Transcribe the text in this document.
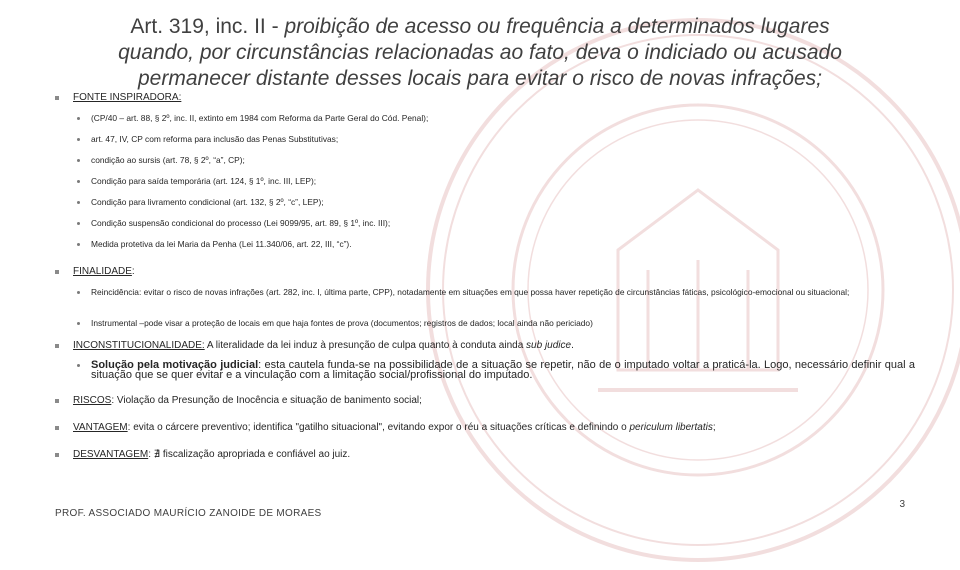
Art. 319, inc. II - proibição de acesso ou frequência a determinados lugares
quando, por circunstâncias relacionadas ao fato, deva o indiciado ou acusado
permanecer distante desses locais para evitar o risco de novas infrações;
FONTE INSPIRADORA:
(CP/40 – art. 88, § 2º, inc. II, extinto em 1984 com Reforma da Parte Geral do Cód. Penal);
art. 47, IV, CP com reforma para inclusão das Penas Substitutivas;
condição ao sursis (art. 78, § 2º, “a”, CP);
Condição para saída temporária (art. 124, § 1º, inc. III, LEP);
Condição para livramento condicional (art. 132, § 2º, “c”, LEP);
Condição suspensão condicional do processo (Lei 9099/95, art. 89, § 1º, inc. III);
Medida protetiva da lei Maria da Penha (Lei 11.340/06, art. 22, III, “c”).
FINALIDADE:
Reincidência: evitar o risco de novas infrações (art. 282, inc. I, última parte, CPP), notadamente em situações em que possa haver repetição de circunstâncias fáticas, psicológico-emocional ou situacional;
Instrumental –pode visar a proteção de locais em que haja fontes de prova (documentos; registros de dados; local ainda não periciado)
INCONSTITUCIONALIDADE: A literalidade da lei induz à presunção de culpa quanto à conduta ainda sub judice.
Solução pela motivação judicial: esta cautela funda-se na possibilidade de a situação se repetir, não de o imputado voltar a praticá-la. Logo, necessário definir qual a situação que se quer evitar e a vinculação com a limitação social/profissional do imputado.
RISCOS: Violação da Presunção de Inocência e situação de banimento social;
VANTAGEM: evita o cárcere preventivo; identifica "gatilho situacional", evitando expor o réu a situações críticas e definindo o periculum libertatis;
DESVANTAGEM: ∄ fiscalização apropriada e confiável ao juiz.
PROF. ASSOCIADO MAURÍCIO ZANOIDE DE MORAES
3
